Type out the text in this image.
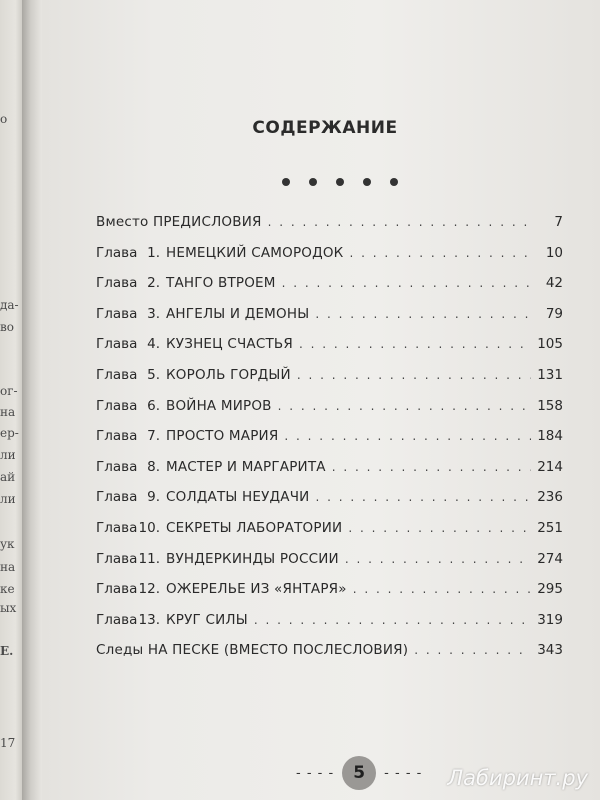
о
да-
во
ог-
на
ер-
ли
ай
ли
ук
ых
ке
на
Е.
17
СОДЕРЖАНИЕ
Вместо ПРЕДИСЛОВИЯ . . .	7
Глава 1. НЕМЕЦКИЙ САМОРОДОК . . .	10
Глава 2. ТАНГО ВТРОЕМ . . .	42
Глава 3. АНГЕЛЫ И ДЕМОНЫ . . .	79
Глава 4. КУЗНЕЦ СЧАСТЬЯ . . .	105
Глава 5. КОРОЛЬ ГОРДЫЙ . . .	131
Глава 6. ВОЙНА МИРОВ . . .	158
Глава 7. ПРОСТО МАРИЯ . . .	184
Глава 8. МАСТЕР И МАРГАРИТА . . .	214
Глава 9. СОЛДАТЫ НЕУДАЧИ . . .	236
Глава10. СЕКРЕТЫ ЛАБОРАТОРИИ . . .	251
Глава11. ВУНДЕРКИНДЫ РОССИИ . . .	274
Глава12. ОЖЕРЕЛЬЕ ИЗ «ЯНТАРЯ» . . .	295
Глава13. КРУГ СИЛЫ . . .	319
Следы НА ПЕСКЕ (ВМЕСТО ПОСЛЕСЛОВИЯ) . . .	343
- - - -	5	- - - - Лабиринт.ру
